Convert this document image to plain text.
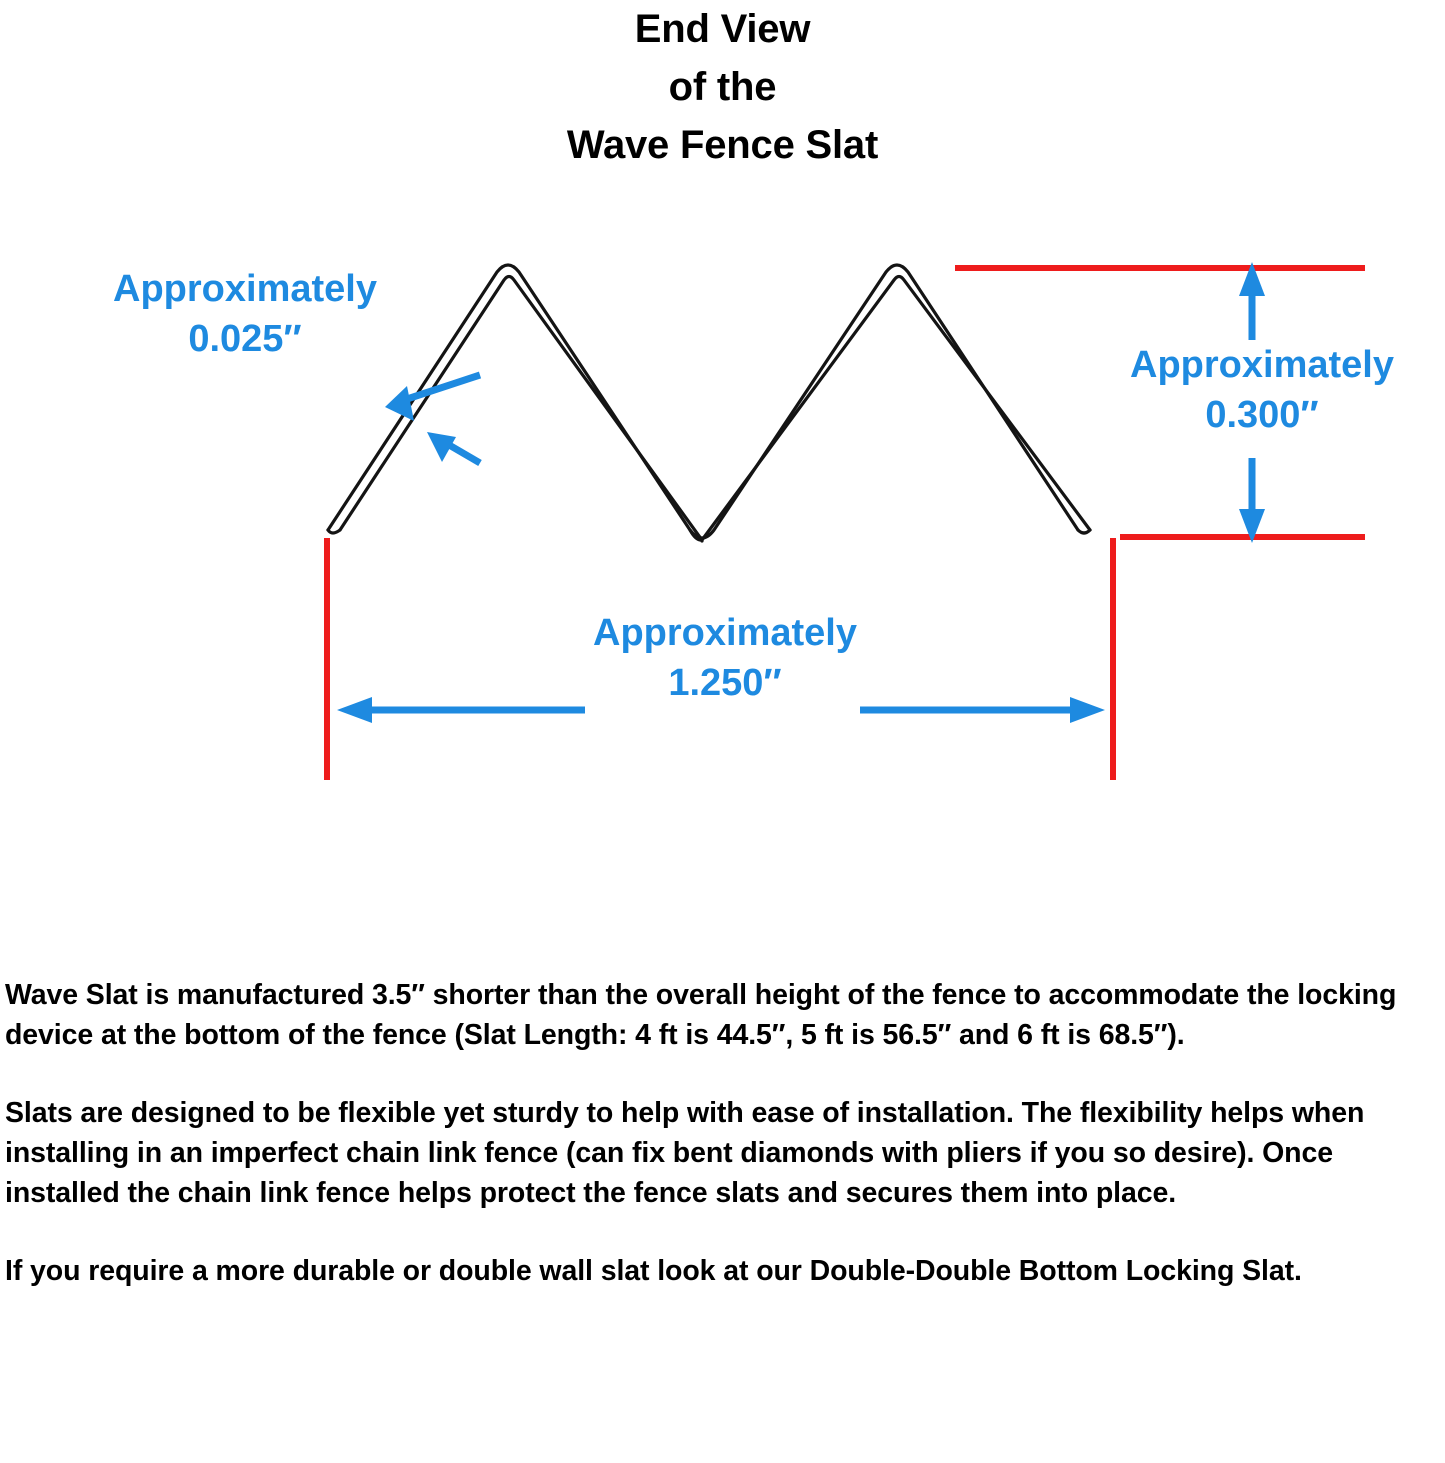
End View
of the
Wave Fence Slat
Approximately
0.025″
Approximately
0.300″
Approximately
1.250″

Wave Slat is manufactured 3.5″ shorter than the overall height of the fence to accommodate the locking device at the bottom of the fence (Slat Length: 4 ft is 44.5″, 5 ft is 56.5″ and 6 ft is 68.5″).

Slats are designed to be flexible yet sturdy to help with ease of installation. The flexibility helps when installing in an imperfect chain link fence (can fix bent diamonds with pliers if you so desire). Once installed the chain link fence helps protect the fence slats and secures them into place.

If you require a more durable or double wall slat look at our Double-Double Bottom Locking Slat.
